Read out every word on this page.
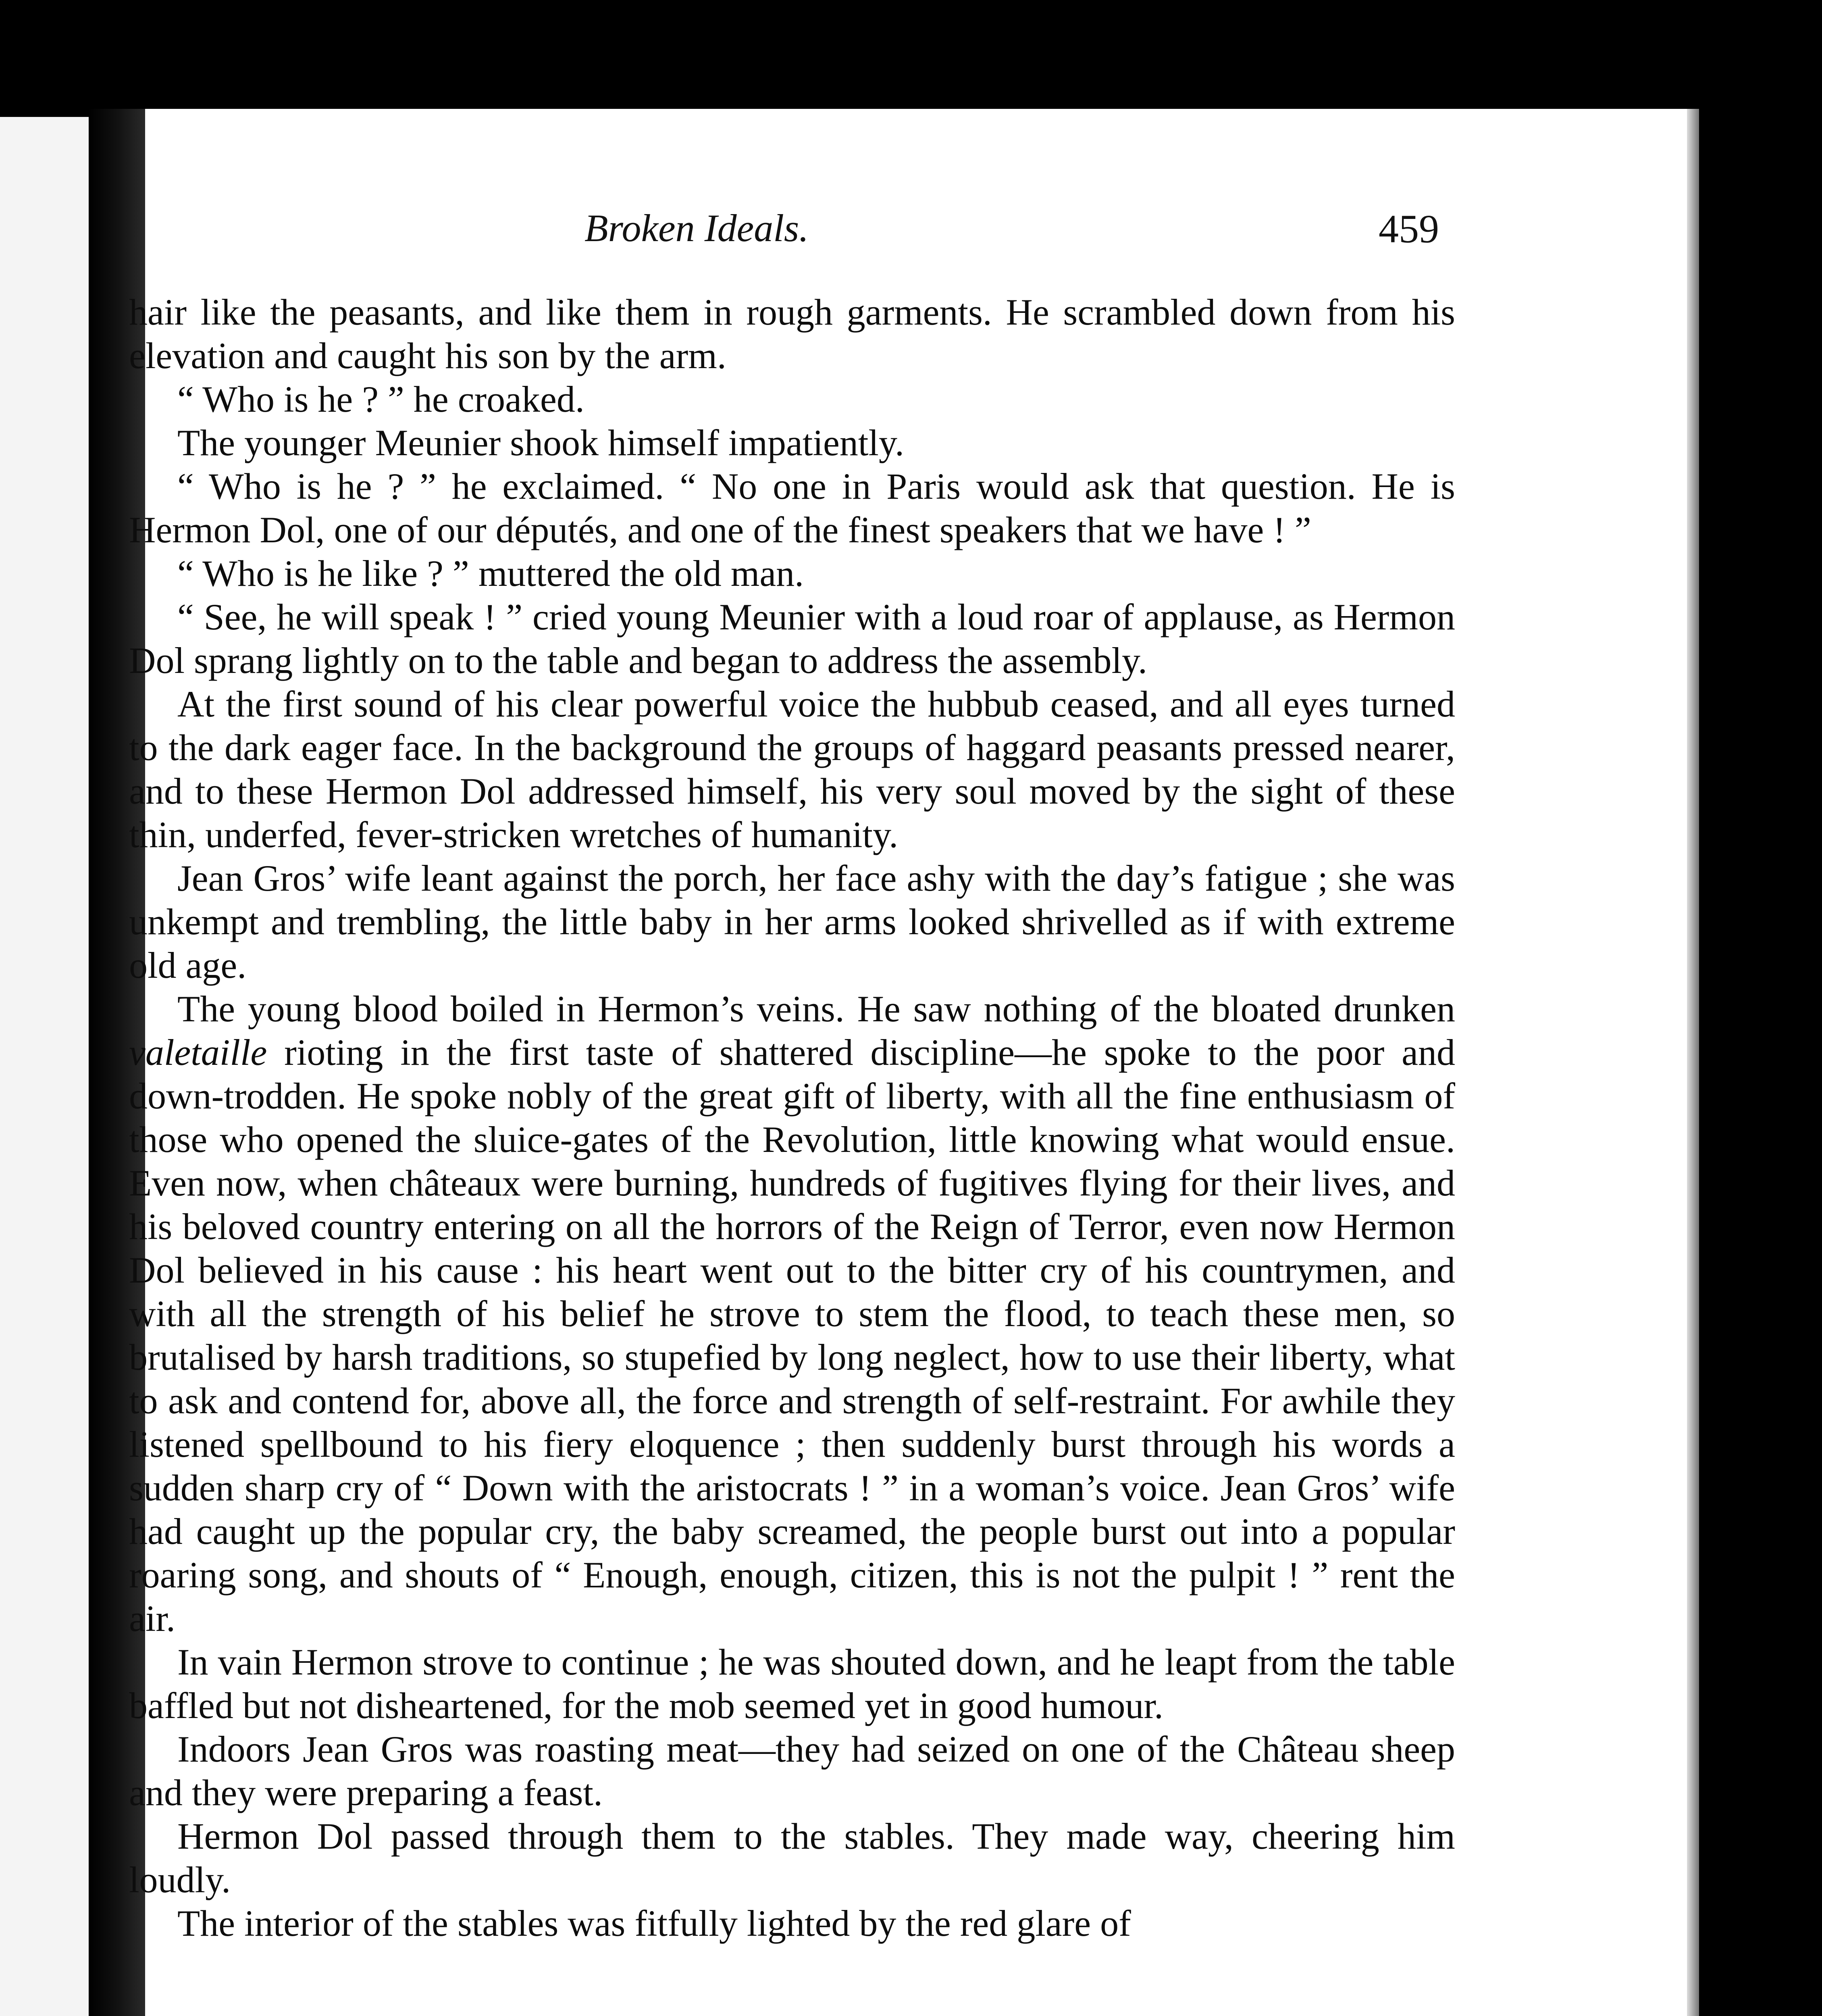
Broken Ideals.	459

hair like the peasants, and like them in rough garments. He scrambled down from his elevation and caught his son by the arm.

“ Who is he ? ” he croaked.

The younger Meunier shook himself impatiently.

“ Who is he ? ” he exclaimed. “ No one in Paris would ask that question. He is Hermon Dol, one of our députés, and one of the finest speakers that we have ! ”

“ Who is he like ? ” muttered the old man.

“ See, he will speak ! ” cried young Meunier with a loud roar of applause, as Hermon Dol sprang lightly on to the table and began to address the assembly.

At the first sound of his clear powerful voice the hubbub ceased, and all eyes turned to the dark eager face. In the background the groups of haggard peasants pressed nearer, and to these Hermon Dol addressed himself, his very soul moved by the sight of these thin, underfed, fever-stricken wretches of humanity.

Jean Gros’ wife leant against the porch, her face ashy with the day’s fatigue ; she was unkempt and trembling, the little baby in her arms looked shrivelled as if with extreme old age.

The young blood boiled in Hermon’s veins. He saw nothing of the bloated drunken valetaille rioting in the first taste of shattered discipline—he spoke to the poor and down-trodden. He spoke nobly of the great gift of liberty, with all the fine enthusiasm of those who opened the sluice-gates of the Revolution, little knowing what would ensue. Even now, when châteaux were burning, hundreds of fugitives flying for their lives, and his beloved country entering on all the horrors of the Reign of Terror, even now Hermon Dol believed in his cause : his heart went out to the bitter cry of his countrymen, and with all the strength of his belief he strove to stem the flood, to teach these men, so brutalised by harsh traditions, so stupefied by long neglect, how to use their liberty, what to ask and contend for, above all, the force and strength of self-restraint. For awhile they listened spellbound to his fiery eloquence ; then suddenly burst through his words a sudden sharp cry of “ Down with the aristocrats ! ” in a woman’s voice. Jean Gros’ wife had caught up the popular cry, the baby screamed, the people burst out into a popular roaring song, and shouts of “ Enough, enough, citizen, this is not the pulpit ! ” rent the air.

In vain Hermon strove to continue ; he was shouted down, and he leapt from the table baffled but not disheartened, for the mob seemed yet in good humour.

Indoors Jean Gros was roasting meat—they had seized on one of the Château sheep and they were preparing a feast.

Hermon Dol passed through them to the stables. They made way, cheering him loudly.

The interior of the stables was fitfully lighted by the red glare of
